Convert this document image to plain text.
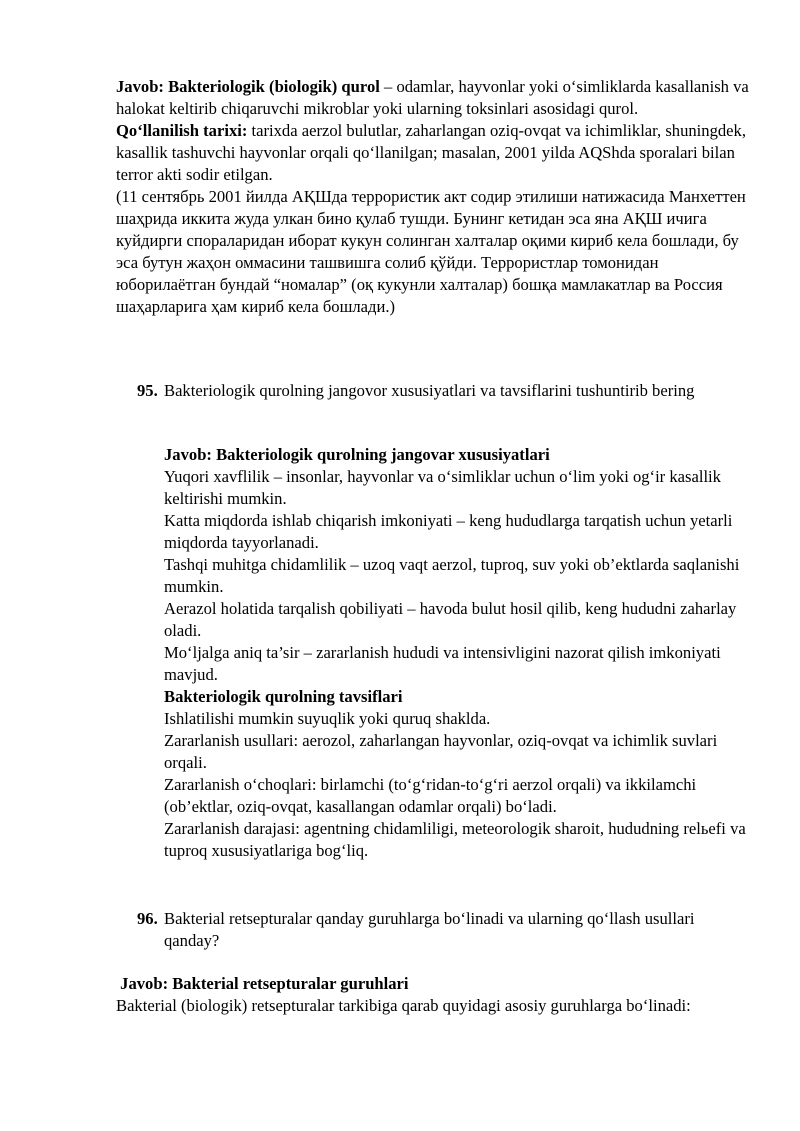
Javob: Bakteriologik (biologik) qurol – odamlar, hayvonlar yoki o‘simliklarda kasallanish va halokat keltirib chiqaruvchi mikroblar yoki ularning toksinlari asosidagi qurol.

Qo‘llanilish tarixi: tarixda aerzol bulutlar, zaharlangan oziq-ovqat va ichimliklar, shuningdek, kasallik tashuvchi hayvonlar orqali qo‘llanilgan; masalan, 2001 yilda AQShda sporalari bilan terror akti sodir etilgan.

(11 сентябрь 2001 йилда АҚШда террористик акт содир этилиши натижасида Манхеттен шаҳрида иккита жуда улкан бино қулаб тушди. Бунинг кетидан эса яна АҚШ ичига куйдирги спораларидан иборат кукун солинган халталар оқими кириб кела бошлади, бу эса бутун жаҳон оммасини ташвишга солиб қўйди. Террористлар томонидан юборилаётган бундай “номалар” (оқ кукунли халталар) бошқа мамлакатлар ва Россия шаҳарларига ҳам кириб кела бошлади.)

95. Bakteriologik qurolning jangovor xususiyatlari va tavsiflarini tushuntirib bering

Javob: Bakteriologik qurolning jangovar xususiyatlari

Yuqori xavflilik – insonlar, hayvonlar va o‘simliklar uchun o‘lim yoki og‘ir kasallik keltirishi mumkin.

Katta miqdorda ishlab chiqarish imkoniyati – keng hududlarga tarqatish uchun yetarli miqdorda tayyorlanadi.

Tashqi muhitga chidamlilik – uzoq vaqt aerzol, tuproq, suv yoki ob’ektlarda saqlanishi mumkin.

Aerazol holatida tarqalish qobiliyati – havoda bulut hosil qilib, keng hududni zaharlay oladi.

Mo‘ljalga aniq ta’sir – zararlanish hududi va intensivligini nazorat qilish imkoniyati mavjud.

Bakteriologik qurolning tavsiflari

Ishlatilishi mumkin suyuqlik yoki quruq shaklda.

Zararlanish usullari: aerozol, zaharlangan hayvonlar, oziq-ovqat va ichimlik suvlari orqali.

Zararlanish o‘choqlari: birlamchi (to‘g‘ridan-to‘g‘ri aerzol orqali) va ikkilamchi (ob’ektlar, oziq-ovqat, kasallangan odamlar orqali) bo‘ladi.

Zararlanish darajasi: agentning chidamliligi, meteorologik sharoit, hududning relьefi va tuproq xususiyatlariga bog‘liq.

96. Bakterial retsepturalar qanday guruhlarga bo‘linadi va ularning qo‘llash usullari qanday?

Javob: Bakterial retsepturalar guruhlari

Bakterial (biologik) retsepturalar tarkibiga qarab quyidagi asosiy guruhlarga bo‘linadi:
